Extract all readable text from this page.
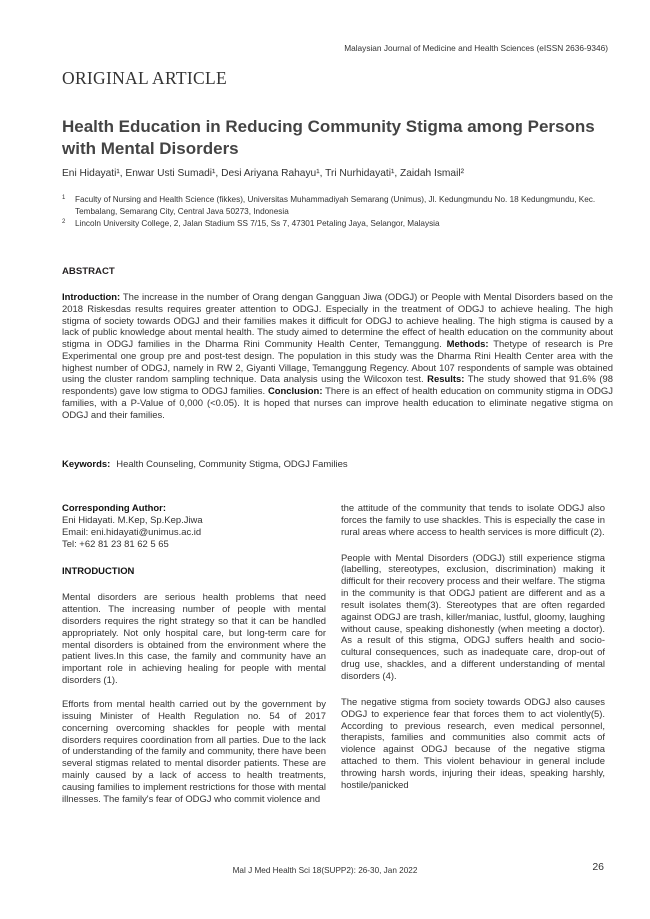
Malaysian Journal of Medicine and Health Sciences (eISSN 2636-9346)
ORIGINAL ARTICLE
Health Education in Reducing Community Stigma among Persons with Mental Disorders
Eni Hidayati¹, Enwar Usti Sumadi¹, Desi Ariyana Rahayu¹, Tri Nurhidayati¹, Zaidah Ismail²
1 Faculty of Nursing and Health Science (fikkes), Universitas Muhammadiyah Semarang (Unimus), Jl. Kedungmundu No. 18 Kedungmundu, Kec. Tembalang, Semarang City, Central Java 50273, Indonesia
2 Lincoln University College, 2, Jalan Stadium SS 7/15, Ss 7, 47301 Petaling Jaya, Selangor, Malaysia
ABSTRACT
Introduction: The increase in the number of Orang dengan Gangguan Jiwa (ODGJ) or People with Mental Disorders based on the 2018 Riskesdas results requires greater attention to ODGJ. Especially in the treatment of ODGJ to achieve healing. The high stigma of society towards ODGJ and their families makes it difficult for ODGJ to achieve healing. The high stigma is caused by a lack of public knowledge about mental health. The study aimed to determine the effect of health education on the community about stigma in ODGJ families in the Dharma Rini Community Health Center, Temanggung. Methods: Thetype of research is Pre Experimental one group pre and post-test design. The population in this study was the Dharma Rini Health Center area with the highest number of ODGJ, namely in RW 2, Giyanti Village, Temanggung Regency. About 107 respondents of sample was obtained using the cluster random sampling technique. Data analysis using the Wilcoxon test. Results: The study showed that 91.6% (98 respondents) gave low stigma to ODGJ families. Conclusion: There is an effect of health education on community stigma in ODGJ families, with a P-Value of 0,000 (<0.05). It is hoped that nurses can improve health education to eliminate negative stigma on ODGJ and their families.
Keywords: Health Counseling, Community Stigma, ODGJ Families
Corresponding Author:
Eni Hidayati. M.Kep, Sp.Kep.Jiwa
Email: eni.hidayati@unimus.ac.id
Tel: +62 81 23 81 62 5 65
INTRODUCTION

Mental disorders are serious health problems that need attention. The increasing number of people with mental disorders requires the right strategy so that it can be handled appropriately. Not only hospital care, but long-term care for mental disorders is obtained from the environment where the patient lives.In this case, the family and community have an important role in achieving healing for people with mental disorders (1).

Efforts from mental health carried out by the government by issuing Minister of Health Regulation no. 54 of 2017 concerning overcoming shackles for people with mental disorders requires coordination from all parties. Due to the lack of understanding of the family and community, there have been several stigmas related to mental disorder patients. These are mainly caused by a lack of access to health treatments, causing families to implement restrictions for those with mental illnesses. The family's fear of ODGJ who commit violence and

the attitude of the community that tends to isolate ODGJ also forces the family to use shackles. This is especially the case in rural areas where access to health services is more difficult (2).

People with Mental Disorders (ODGJ) still experience stigma (labelling, stereotypes, exclusion, discrimination) making it difficult for their recovery process and their welfare. The stigma in the community is that ODGJ patient are different and as a result isolates them(3). Stereotypes that are often regarded against ODGJ are trash, killer/maniac, lustful, gloomy, laughing without cause, speaking dishonestly (when meeting a doctor). As a result of this stigma, ODGJ suffers health and socio-cultural consequences, such as inadequate care, drop-out of drug use, shackles, and a different understanding of mental disorders (4).

The negative stigma from society towards ODGJ also causes ODGJ to experience fear that forces them to act violently(5). According to previous research, even medical personnel, therapists, families and communities also commit acts of violence against ODGJ because of the negative stigma attached to them. This violent behaviour in general include throwing harsh words, injuring their ideas, speaking harshly, hostile/panicked

Mal J Med Health Sci 18(SUPP2): 26-30, Jan 2022	26
